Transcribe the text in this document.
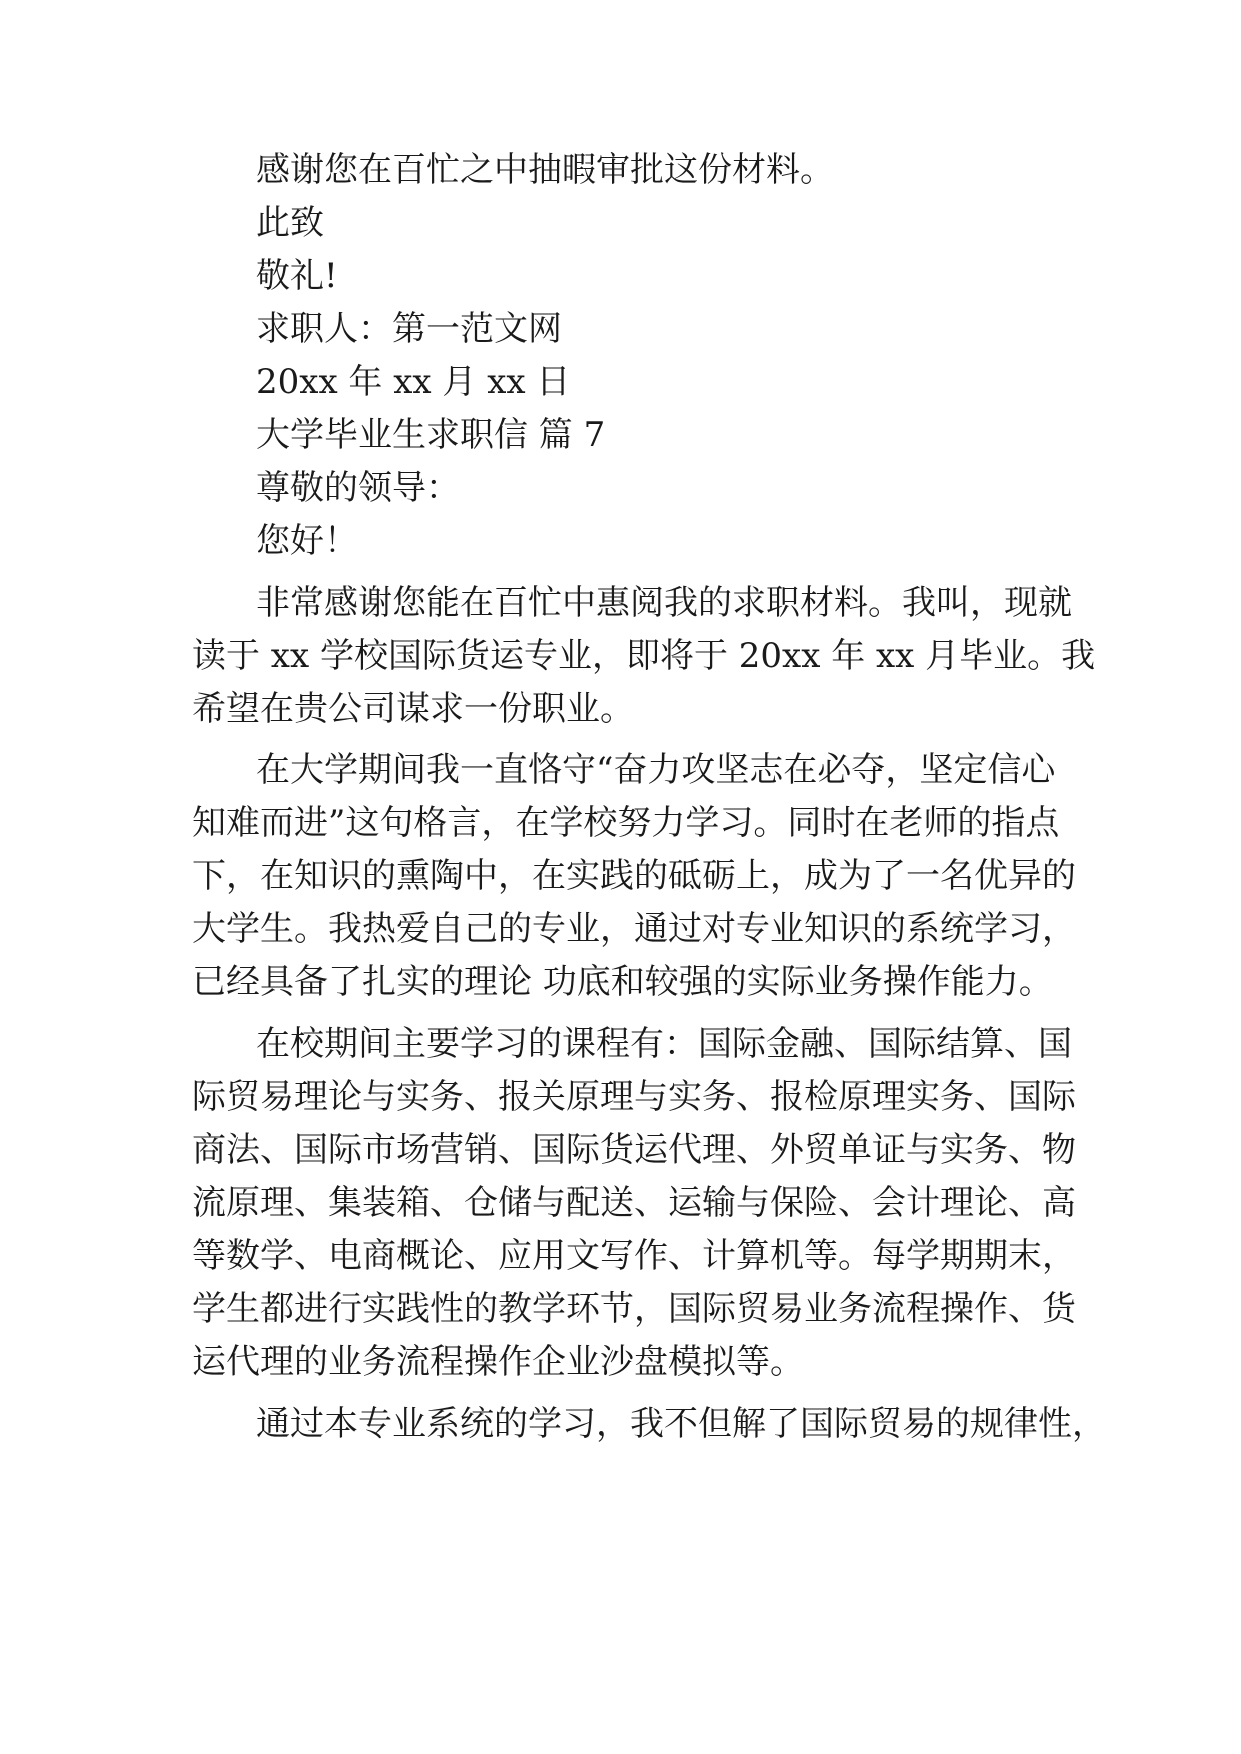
感谢您在百忙之中抽暇审批这份材料。
此致
敬礼!
求职人：第一范文网
20xx 年 xx 月 xx 日
大学毕业生求职信 篇 7
尊敬的领导：
您好！
非常感谢您能在百忙中惠阅我的求职材料。我叫，现就
读于 xx 学校国际货运专业，即将于 20xx 年 xx 月毕业。我
希望在贵公司谋求一份职业。
在大学期间我一直恪守“奋力攻坚志在必夺，坚定信心
知难而进”这句格言，在学校努力学习。同时在老师的指点
下，在知识的熏陶中，在实践的砥砺上，成为了一名优异的
大学生。我热爱自己的专业，通过对专业知识的系统学习，
已经具备了扎实的理论 功底和较强的实际业务操作能力。
在校期间主要学习的课程有：国际金融、国际结算、国
际贸易理论与实务、报关原理与实务、报检原理实务、国际
商法、国际市场营销、国际货运代理、外贸单证与实务、物
流原理、集装箱、仓储与配送、运输与保险、会计理论、高
等数学、电商概论、应用文写作、计算机等。每学期期末，
学生都进行实践性的教学环节，国际贸易业务流程操作、货
运代理的业务流程操作企业沙盘模拟等。
通过本专业系统的学习，我不但解了国际贸易的规律性，
